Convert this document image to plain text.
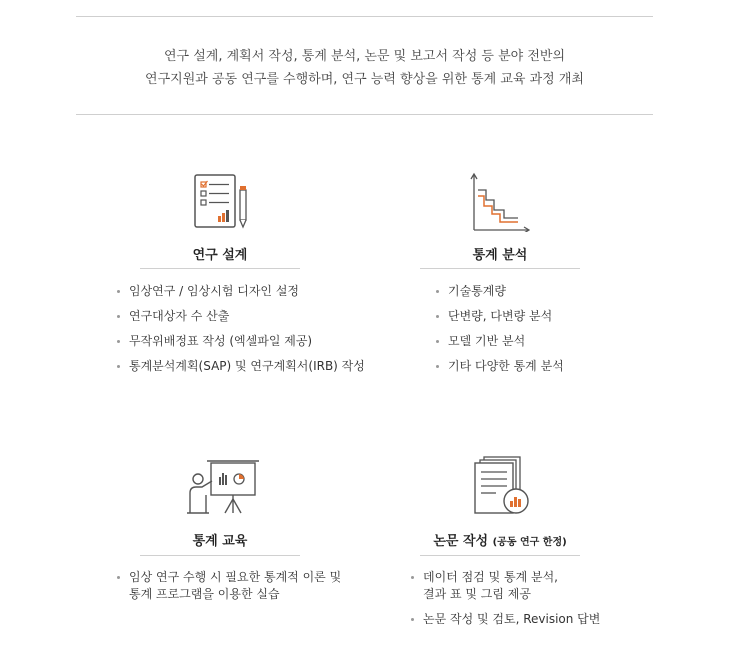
연구 설계, 계획서 작성, 통계 분석, 논문 및 보고서 작성 등 분야 전반의
연구지원과 공동 연구를 수행하며, 연구 능력 향상을 위한 통계 교육 과정 개최
연구 설계
임상연구 / 임상시험 디자인 설정
연구대상자 수 산출
무작위배정표 작성 (엑셀파일 제공)
통계분석계획(SAP) 및 연구계획서(IRB) 작성
통계 분석
기술통계량
단변량, 다변량 분석
모델 기반 분석
기타 다양한 통계 분석
통계 교육
임상 연구 수행 시 필요한 통계적 이론 및
통계 프로그램을 이용한 실습
논문 작성 (공동 연구 한정)
데이터 점검 및 통계 분석,
결과 표 및 그림 제공
논문 작성 및 검토, Revision 답변
